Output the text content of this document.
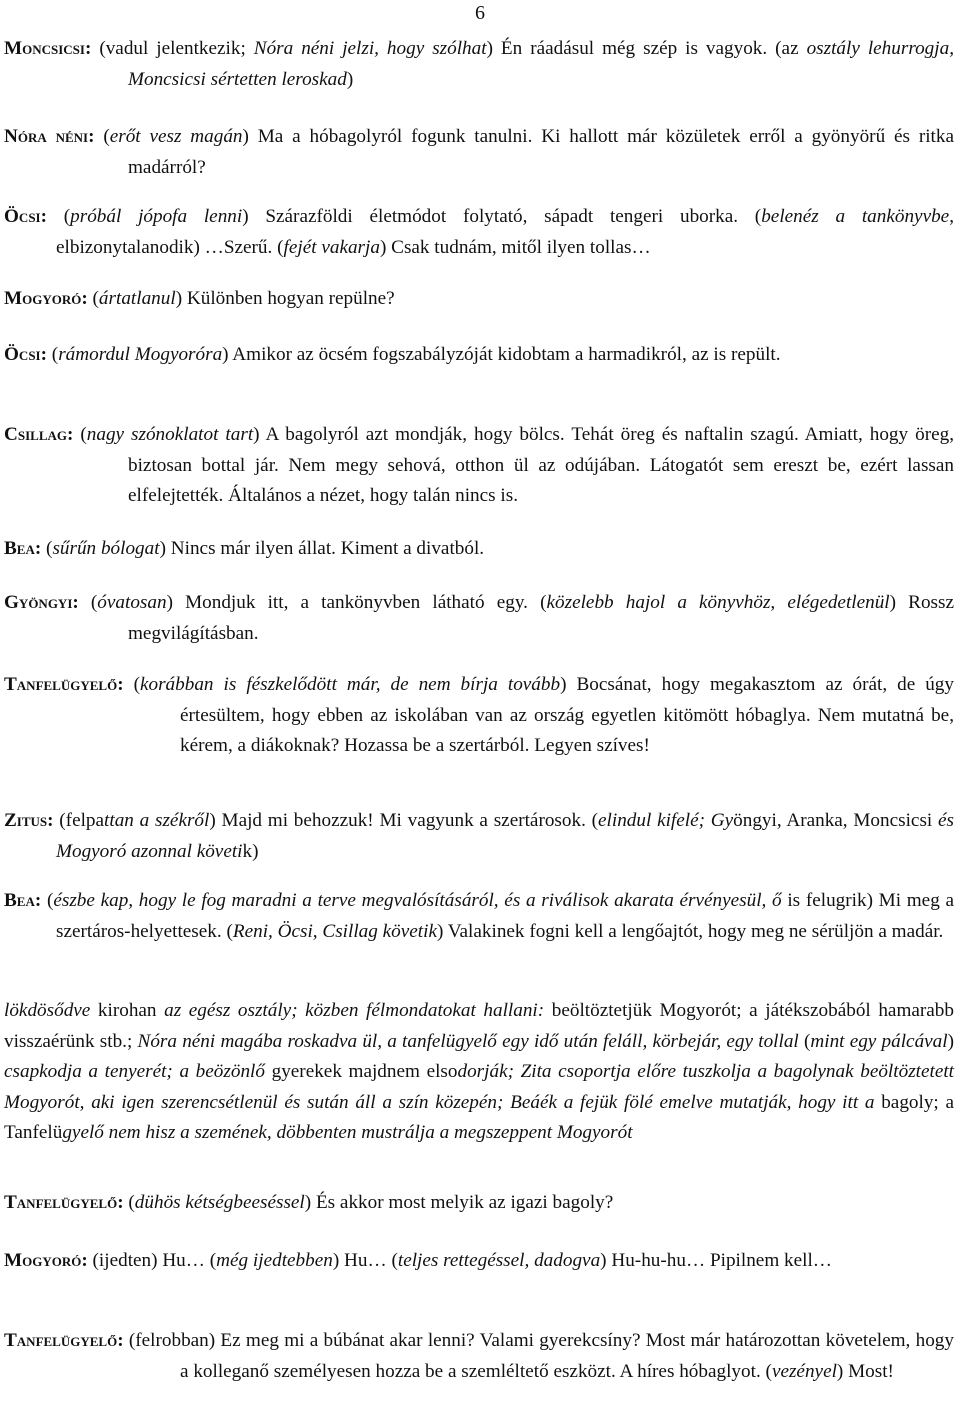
6
Moncsicsi: (vadul jelentkezik; Nóra néni jelzi, hogy szólhat) Én ráadásul még szép is vagyok. (az osztály lehurrogja, Moncsicsi sértetten leroskad)
Nóra néni: (erőt vesz magán) Ma a hóbagolyról fogunk tanulni. Ki hallott már közületek erről a gyönyörű és ritka madárról?
Öcsi: (próbál jópofa lenni) Szárazföldi életmódot folytató, sápadt tengeri uborka. (belenéz a tankönyvbe, elbizonytalanodik) …Szerű. (fejét vakarja) Csak tudnám, mitől ilyen tollas…
Mogyoró: (ártatlanul) Különben hogyan repülne?
Öcsi: (rámordul Mogyoróra) Amikor az öcsém fogszabályzóját kidobtam a harmadikról, az is repült.
Csillag: (nagy szónoklatot tart) A bagolyról azt mondják, hogy bölcs. Tehát öreg és naftalin szagú. Amiatt, hogy öreg, biztosan bottal jár. Nem megy sehová, otthon ül az odújában. Látogatót sem ereszt be, ezért lassan elfelejtették. Általános a nézet, hogy talán nincs is.
Bea: (sűrűn bólogat) Nincs már ilyen állat. Kiment a divatból.
Gyöngyi: (óvatosan) Mondjuk itt, a tankönyvben látható egy. (közelebb hajol a könyvhöz, elégedetlenül) Rossz megvilágításban.
Tanfelügyelő: (korábban is fészkelődött már, de nem bírja tovább) Bocsánat, hogy megakasztom az órát, de úgy értesültem, hogy ebben az iskolában van az ország egyetlen kitömött hóbaglya. Nem mutatná be, kérem, a diákoknak? Hozassa be a szertárból. Legyen szíves!
Zitus: (felpattan a székről) Majd mi behozzuk! Mi vagyunk a szertárosok. (elindul kifelé; Gyöngyi, Aranka, Moncsicsi és Mogyoró azonnal követik)
Bea: (észbe kap, hogy le fog maradni a terve megvalósításáról, és a riválisok akarata érvényesül, ő is felugrik) Mi meg a szertáros-helyettesek. (Reni, Öcsi, Csillag követik) Valakinek fogni kell a lengőajtót, hogy meg ne sérüljön a madár.
lökdösődve kirohan az egész osztály; közben félmondatokat hallani: beöltöztetjük Mogyorót; a játékszobából hamarabb visszaérünk stb.; Nóra néni magába roskadva ül, a tanfelügyelő egy idő után feláll, körbejár, egy tollal (mint egy pálcával) csapkodja a tenyerét; a beözönlő gyerekek majdnem elsodorják; Zita csoportja előre tuszkolja a bagolynak beöltöztetett Mogyorót, aki igen szerencsétlenül és sután áll a szín közepén; Beáék a fejük fölé emelve mutatják, hogy itt a bagoly; a Tanfelügyelő nem hisz a szemének, döbbenten mustrálja a megszeppent Mogyorót
Tanfelügyelő: (dühös kétségbeeséssel) És akkor most melyik az igazi bagoly?
Mogyoró: (ijedten) Hu… (még ijedtebben) Hu… (teljes rettegéssel, dadogva) Hu-hu-hu… Pipilnem kell…
Tanfelügyelő: (felrobban) Ez meg mi a búbánat akar lenni? Valami gyerekcsíny? Most már határozottan követelem, hogy a kolleganő személyesen hozza be a szemléltető eszközt. A híres hóbaglyot. (vezényel) Most!
